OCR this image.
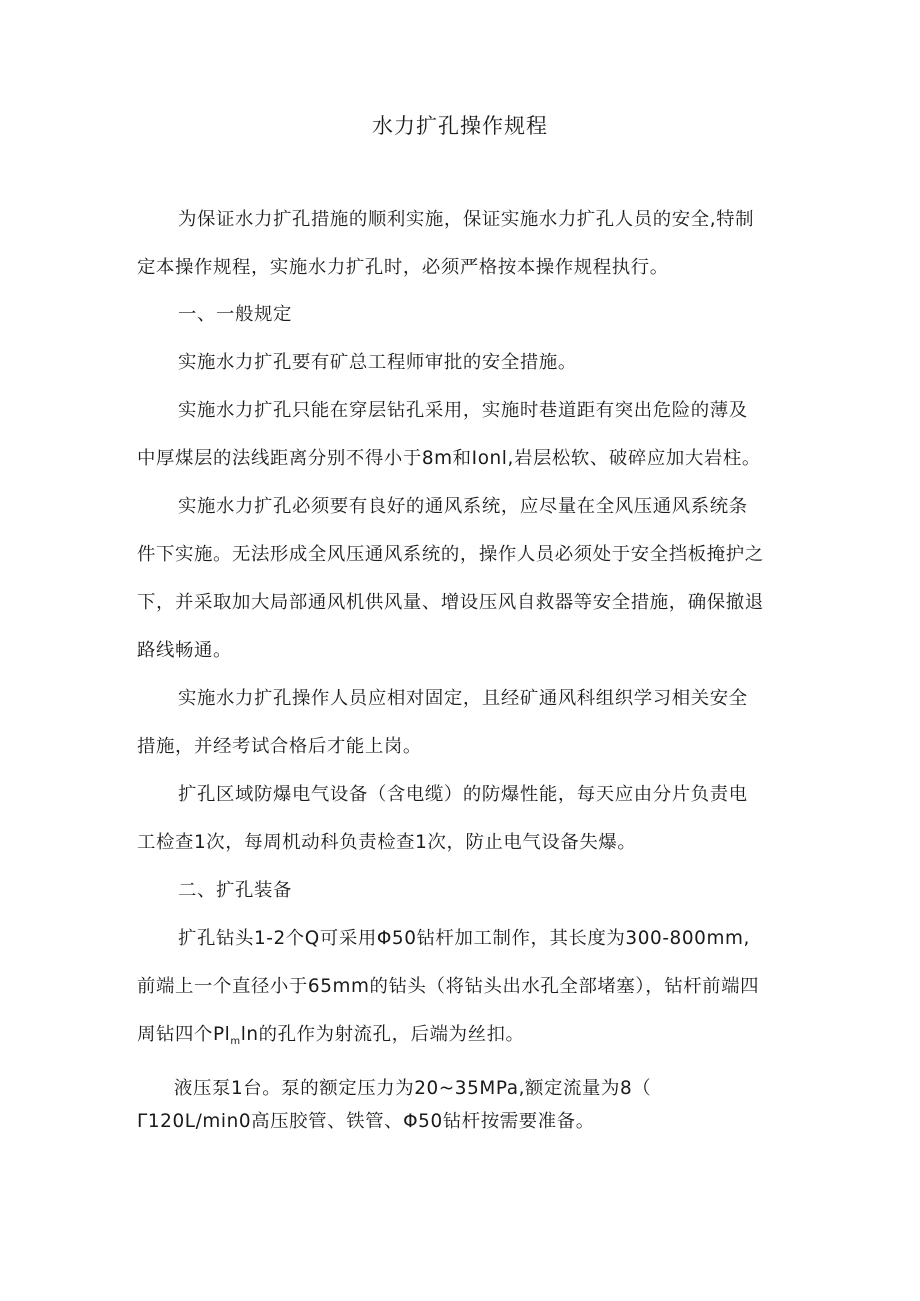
水力扩孔操作规程
为保证水力扩孔措施的顺利实施，保证实施水力扩孔人员的安全,特制
定本操作规程，实施水力扩孔时，必须严格按本操作规程执行。
一、一般规定
实施水力扩孔要有矿总工程师审批的安全措施。
实施水力扩孔只能在穿层钻孔采用，实施时巷道距有突出危险的薄及
中厚煤层的法线距离分别不得小于8m和Ionl,岩层松软、破碎应加大岩柱。
实施水力扩孔必须要有良好的通风系统，应尽量在全风压通风系统条
件下实施。无法形成全风压通风系统的，操作人员必须处于安全挡板掩护之
下，并采取加大局部通风机供风量、增设压风自救器等安全措施，确保撤退
路线畅通。
实施水力扩孔操作人员应相对固定，且经矿通风科组织学习相关安全
措施，并经考试合格后才能上岗。
扩孔区域防爆电气设备（含电缆）的防爆性能，每天应由分片负责电
工检查1次，每周机动科负责检查1次，防止电气设备失爆。
二、扩孔装备
扩孔钻头1-2个Q可采用Φ50钻杆加工制作，其长度为300-800mm,
前端上一个直径小于65mm的钻头（将钻头出水孔全部堵塞），钻杆前端四
周钻四个$Pl_m\ln$的孔作为射流孔，后端为丝扣。
液压泵1台。泵的额定压力为20~35MPa,额定流量为8（
Γ120L/min0高压胶管、铁管、Φ50钻杆按需要准备。
